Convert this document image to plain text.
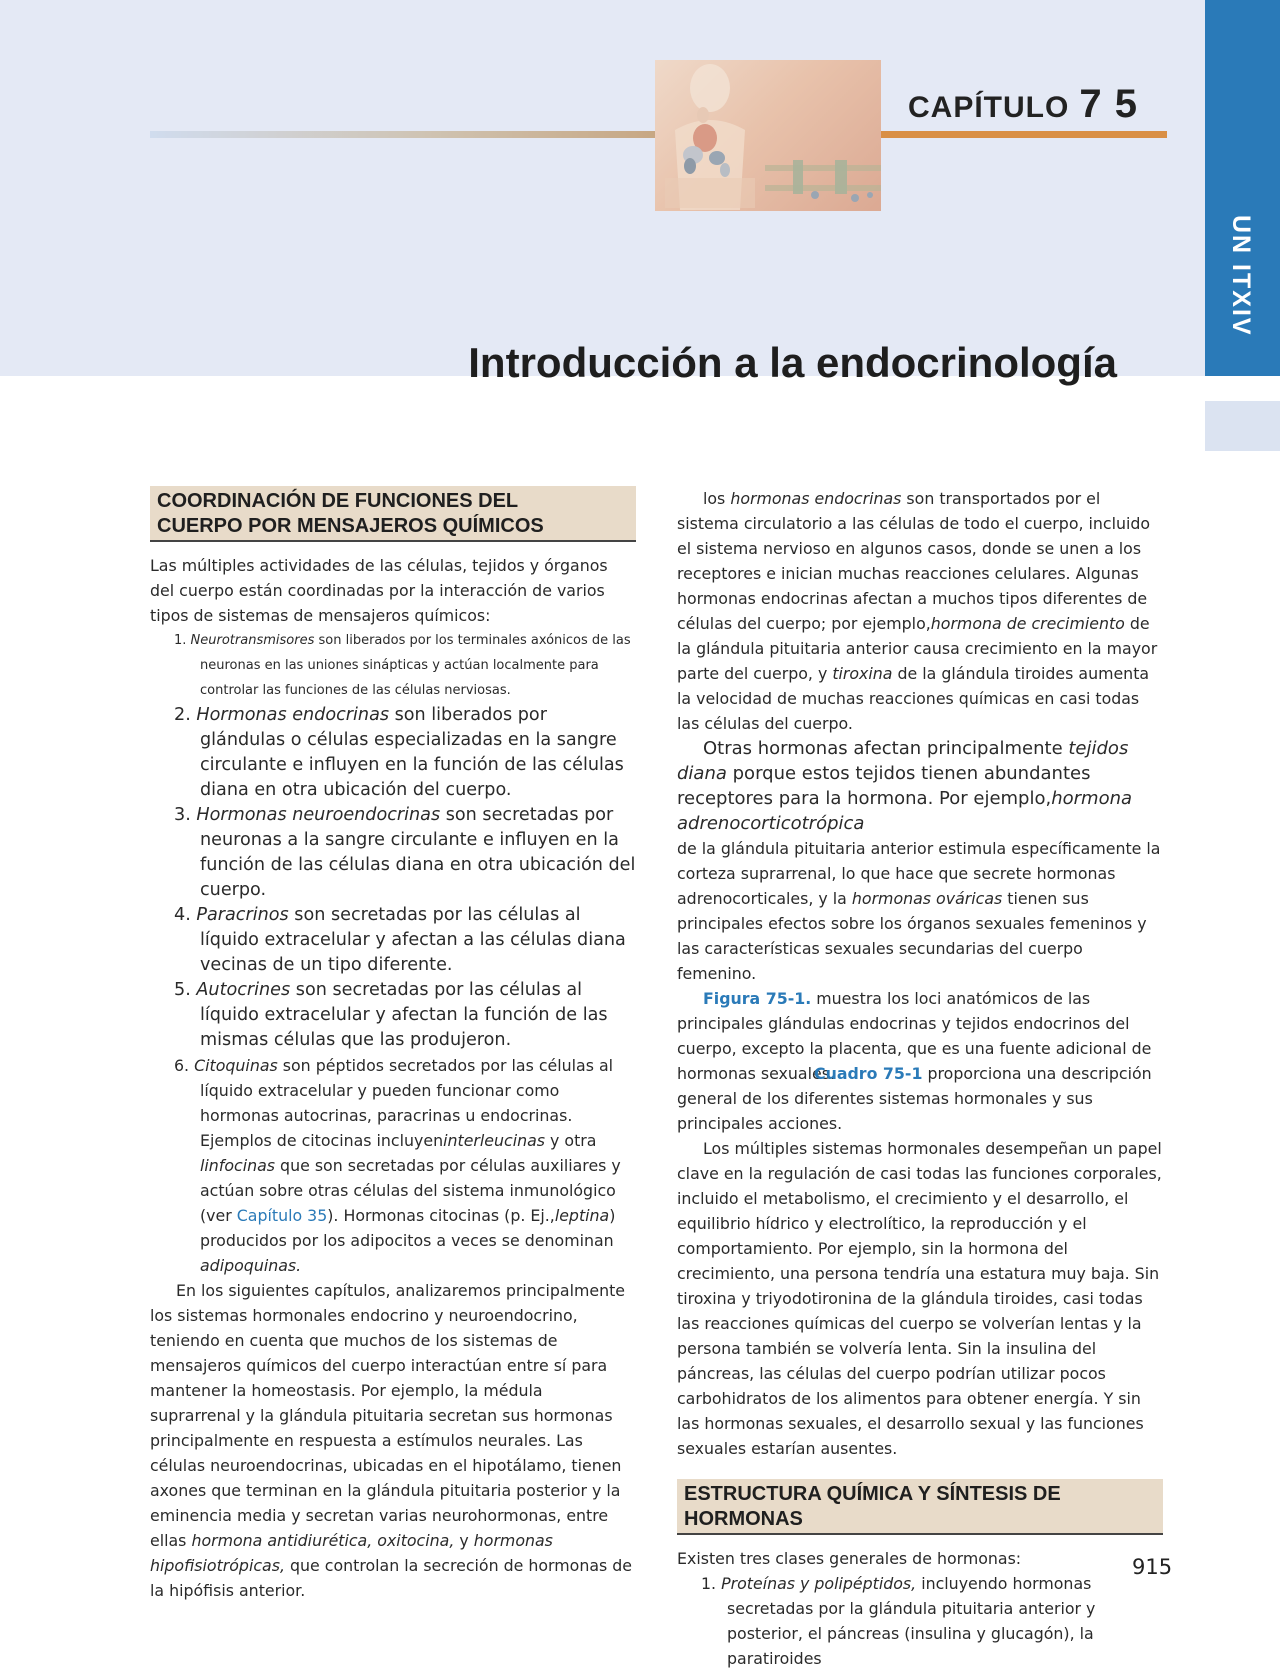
CAPÍTULO 7 5
Introducción a la endocrinología
UN ITXIV
COORDINACIÓN DE FUNCIONES DEL
CUERPO POR MENSAJEROS QUÍMICOS

Las múltiples actividades de las células, tejidos y órganos del cuerpo están coordinadas por la interacción de varios tipos de sistemas de mensajeros químicos:

1. Neurotransmisores son liberados por los terminales axónicos de las neuronas en las uniones sinápticas y actúan localmente para controlar las funciones de las células nerviosas.
2. Hormonas endocrinas son liberados por glándulas o células especializadas en la sangre circulante e influyen en la función de las células diana en otra ubicación del cuerpo.
3. Hormonas neuroendocrinas son secretadas por neuronas a la sangre circulante e influyen en la función de las células diana en otra ubicación del cuerpo.
4. Paracrinos son secretadas por las células al líquido extracelular y afectan a las células diana vecinas de un tipo diferente.
5. Autocrines son secretadas por las células al líquido extracelular y afectan la función de las mismas células que las produjeron.
6. Citoquinas son péptidos secretados por las células al líquido extracelular y pueden funcionar como hormonas autocrinas, paracrinas u endocrinas. Ejemplos de citocinas incluyeninterleucinas y otra linfocinas que son secretadas por células auxiliares y actúan sobre otras células del sistema inmunológico (ver Capítulo 35). Hormonas citocinas (p. Ej.,leptina) producidos por los adipocitos a veces se denominan adipoquinas.

En los siguientes capítulos, analizaremos principalmente los sistemas hormonales endocrino y neuroendocrino, teniendo en cuenta que muchos de los sistemas de mensajeros químicos del cuerpo interactúan entre sí para mantener la homeostasis. Por ejemplo, la médula suprarrenal y la glándula pituitaria secretan sus hormonas principalmente en respuesta a estímulos neurales. Las células neuroendocrinas, ubicadas en el hipotálamo, tienen axones que terminan en la glándula pituitaria posterior y la eminencia media y secretan varias neurohormonas, entre ellas hormona antidiurética, oxitocina, y hormonas hipofisiotrópicas, que controlan la secreción de hormonas de la hipófisis anterior.

los hormonas endocrinas son transportados por el sistema circulatorio a las células de todo el cuerpo, incluido el sistema nervioso en algunos casos, donde se unen a los receptores e inician muchas reacciones celulares. Algunas hormonas endocrinas afectan a muchos tipos diferentes de células del cuerpo; por ejemplo,hormona de crecimiento de la glándula pituitaria anterior causa crecimiento en la mayor parte del cuerpo, y tiroxina de la glándula tiroides aumenta la velocidad de muchas reacciones químicas en casi todas las células del cuerpo.

Otras hormonas afectan principalmente tejidos diana porque estos tejidos tienen abundantes receptores para la hormona. Por ejemplo,hormona adrenocorticotrópica
de la glándula pituitaria anterior estimula específicamente la corteza suprarrenal, lo que hace que secrete hormonas adrenocorticales, y la hormonas ováricas tienen sus principales efectos sobre los órganos sexuales femeninos y las características sexuales secundarias del cuerpo femenino.

Figura 75-1. muestra los loci anatómicos de las principales glándulas endocrinas y tejidos endocrinos del cuerpo, excepto la placenta, que es una fuente adicional de hormonas sexuales. Cuadro 75-1 proporciona una descripción general de los diferentes sistemas hormonales y sus principales acciones.

Los múltiples sistemas hormonales desempeñan un papel clave en la regulación de casi todas las funciones corporales, incluido el metabolismo, el crecimiento y el desarrollo, el equilibrio hídrico y electrolítico, la reproducción y el comportamiento. Por ejemplo, sin la hormona del crecimiento, una persona tendría una estatura muy baja. Sin tiroxina y triyodotironina de la glándula tiroides, casi todas las reacciones químicas del cuerpo se volverían lentas y la persona también se volvería lenta. Sin la insulina del páncreas, las células del cuerpo podrían utilizar pocos carbohidratos de los alimentos para obtener energía. Y sin las hormonas sexuales, el desarrollo sexual y las funciones sexuales estarían ausentes.

ESTRUCTURA QUÍMICA Y SÍNTESIS DE
HORMONAS

Existen tres clases generales de hormonas:

1. Proteínas y polipéptidos, incluyendo hormonas secretadas por la glándula pituitaria anterior y posterior, el páncreas (insulina y glucagón), la paratiroides
915
